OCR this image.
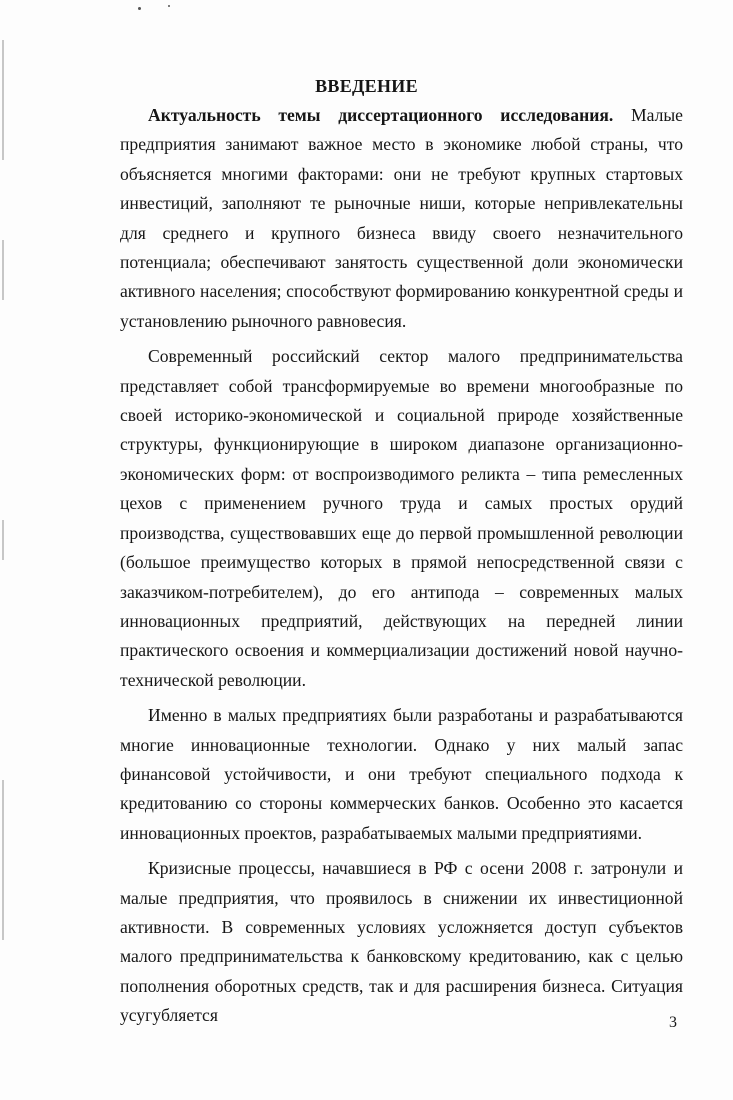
ВВЕДЕНИЕ

Актуальность темы диссертационного исследования. Малые предприятия занимают важное место в экономике любой страны, что объясняется многими факторами: они не требуют крупных стартовых инвестиций, заполняют те рыночные ниши, которые непривлекательны для среднего и крупного бизнеса ввиду своего незначительного потенциала; обеспечивают занятость существенной доли экономически активного населения; способствуют формированию конкурентной среды и установлению рыночного равновесия.

Современный российский сектор малого предпринимательства представляет собой трансформируемые во времени многообразные по своей историко-экономической и социальной природе хозяйственные структуры, функционирующие в широком диапазоне организационно-экономических форм: от воспроизводимого реликта – типа ремесленных цехов с применением ручного труда и самых простых орудий производства, существовавших еще до первой промышленной революции (большое преимущество которых в прямой непосредственной связи с заказчиком-потребителем), до его антипода – современных малых инновационных предприятий, действующих на передней линии практического освоения и коммерциализации достижений новой научно-технической революции.

Именно в малых предприятиях были разработаны и разрабатываются многие инновационные технологии. Однако у них малый запас финансовой устойчивости, и они требуют специального подхода к кредитованию со стороны коммерческих банков. Особенно это касается инновационных проектов, разрабатываемых малыми предприятиями.

Кризисные процессы, начавшиеся в РФ с осени 2008 г. затронули и малые предприятия, что проявилось в снижении их инвестиционной активности. В современных условиях усложняется доступ субъектов малого предпринимательства к банковскому кредитованию, как с целью пополнения оборотных средств, так и для расширения бизнеса. Ситуация усугубляется	3
